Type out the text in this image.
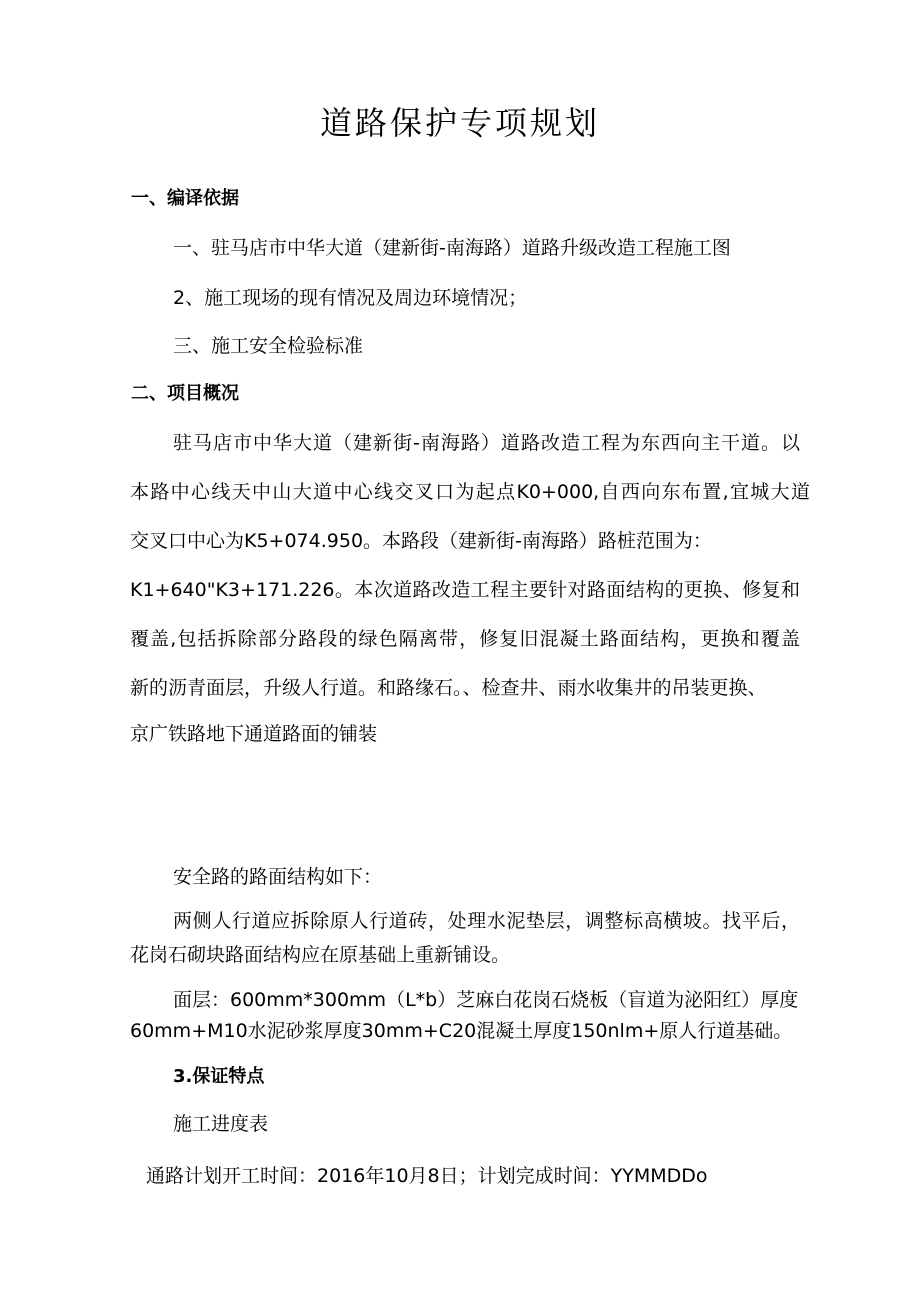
道路保护专项规划
一、编译依据
一、驻马店市中华大道（建新街-南海路）道路升级改造工程施工图
2、施工现场的现有情况及周边环境情况；
三、施工安全检验标准
二、项目概况
驻马店市中华大道（建新街-南海路）道路改造工程为东西向主干道。以
本路中心线天中山大道中心线交叉口为起点K0+000,自西向东布置,宜城大道
交叉口中心为K5+074.950。本路段（建新街-南海路）路桩范围为：
K1+640"K3+171.226。本次道路改造工程主要针对路面结构的更换、修复和
覆盖,包括拆除部分路段的绿色隔离带，修复旧混凝土路面结构，更换和覆盖
新的沥青面层，升级人行道。和路缘石。、检查井、雨水收集井的吊装更换、
京广铁路地下通道路面的铺装
安全路的路面结构如下：
两侧人行道应拆除原人行道砖，处理水泥垫层，调整标高横坡。找平后，
花岗石砌块路面结构应在原基础上重新铺设。
面层：600mm*300mm（L*b）芝麻白花岗石烧板（盲道为泌阳红）厚度
60mm+M10水泥砂浆厚度30mm+C20混凝土厚度150nlm+原人行道基础。
3.保证特点
施工进度表
通路计划开工时间：2016年10月8日；计划完成时间：YYMMDDo
